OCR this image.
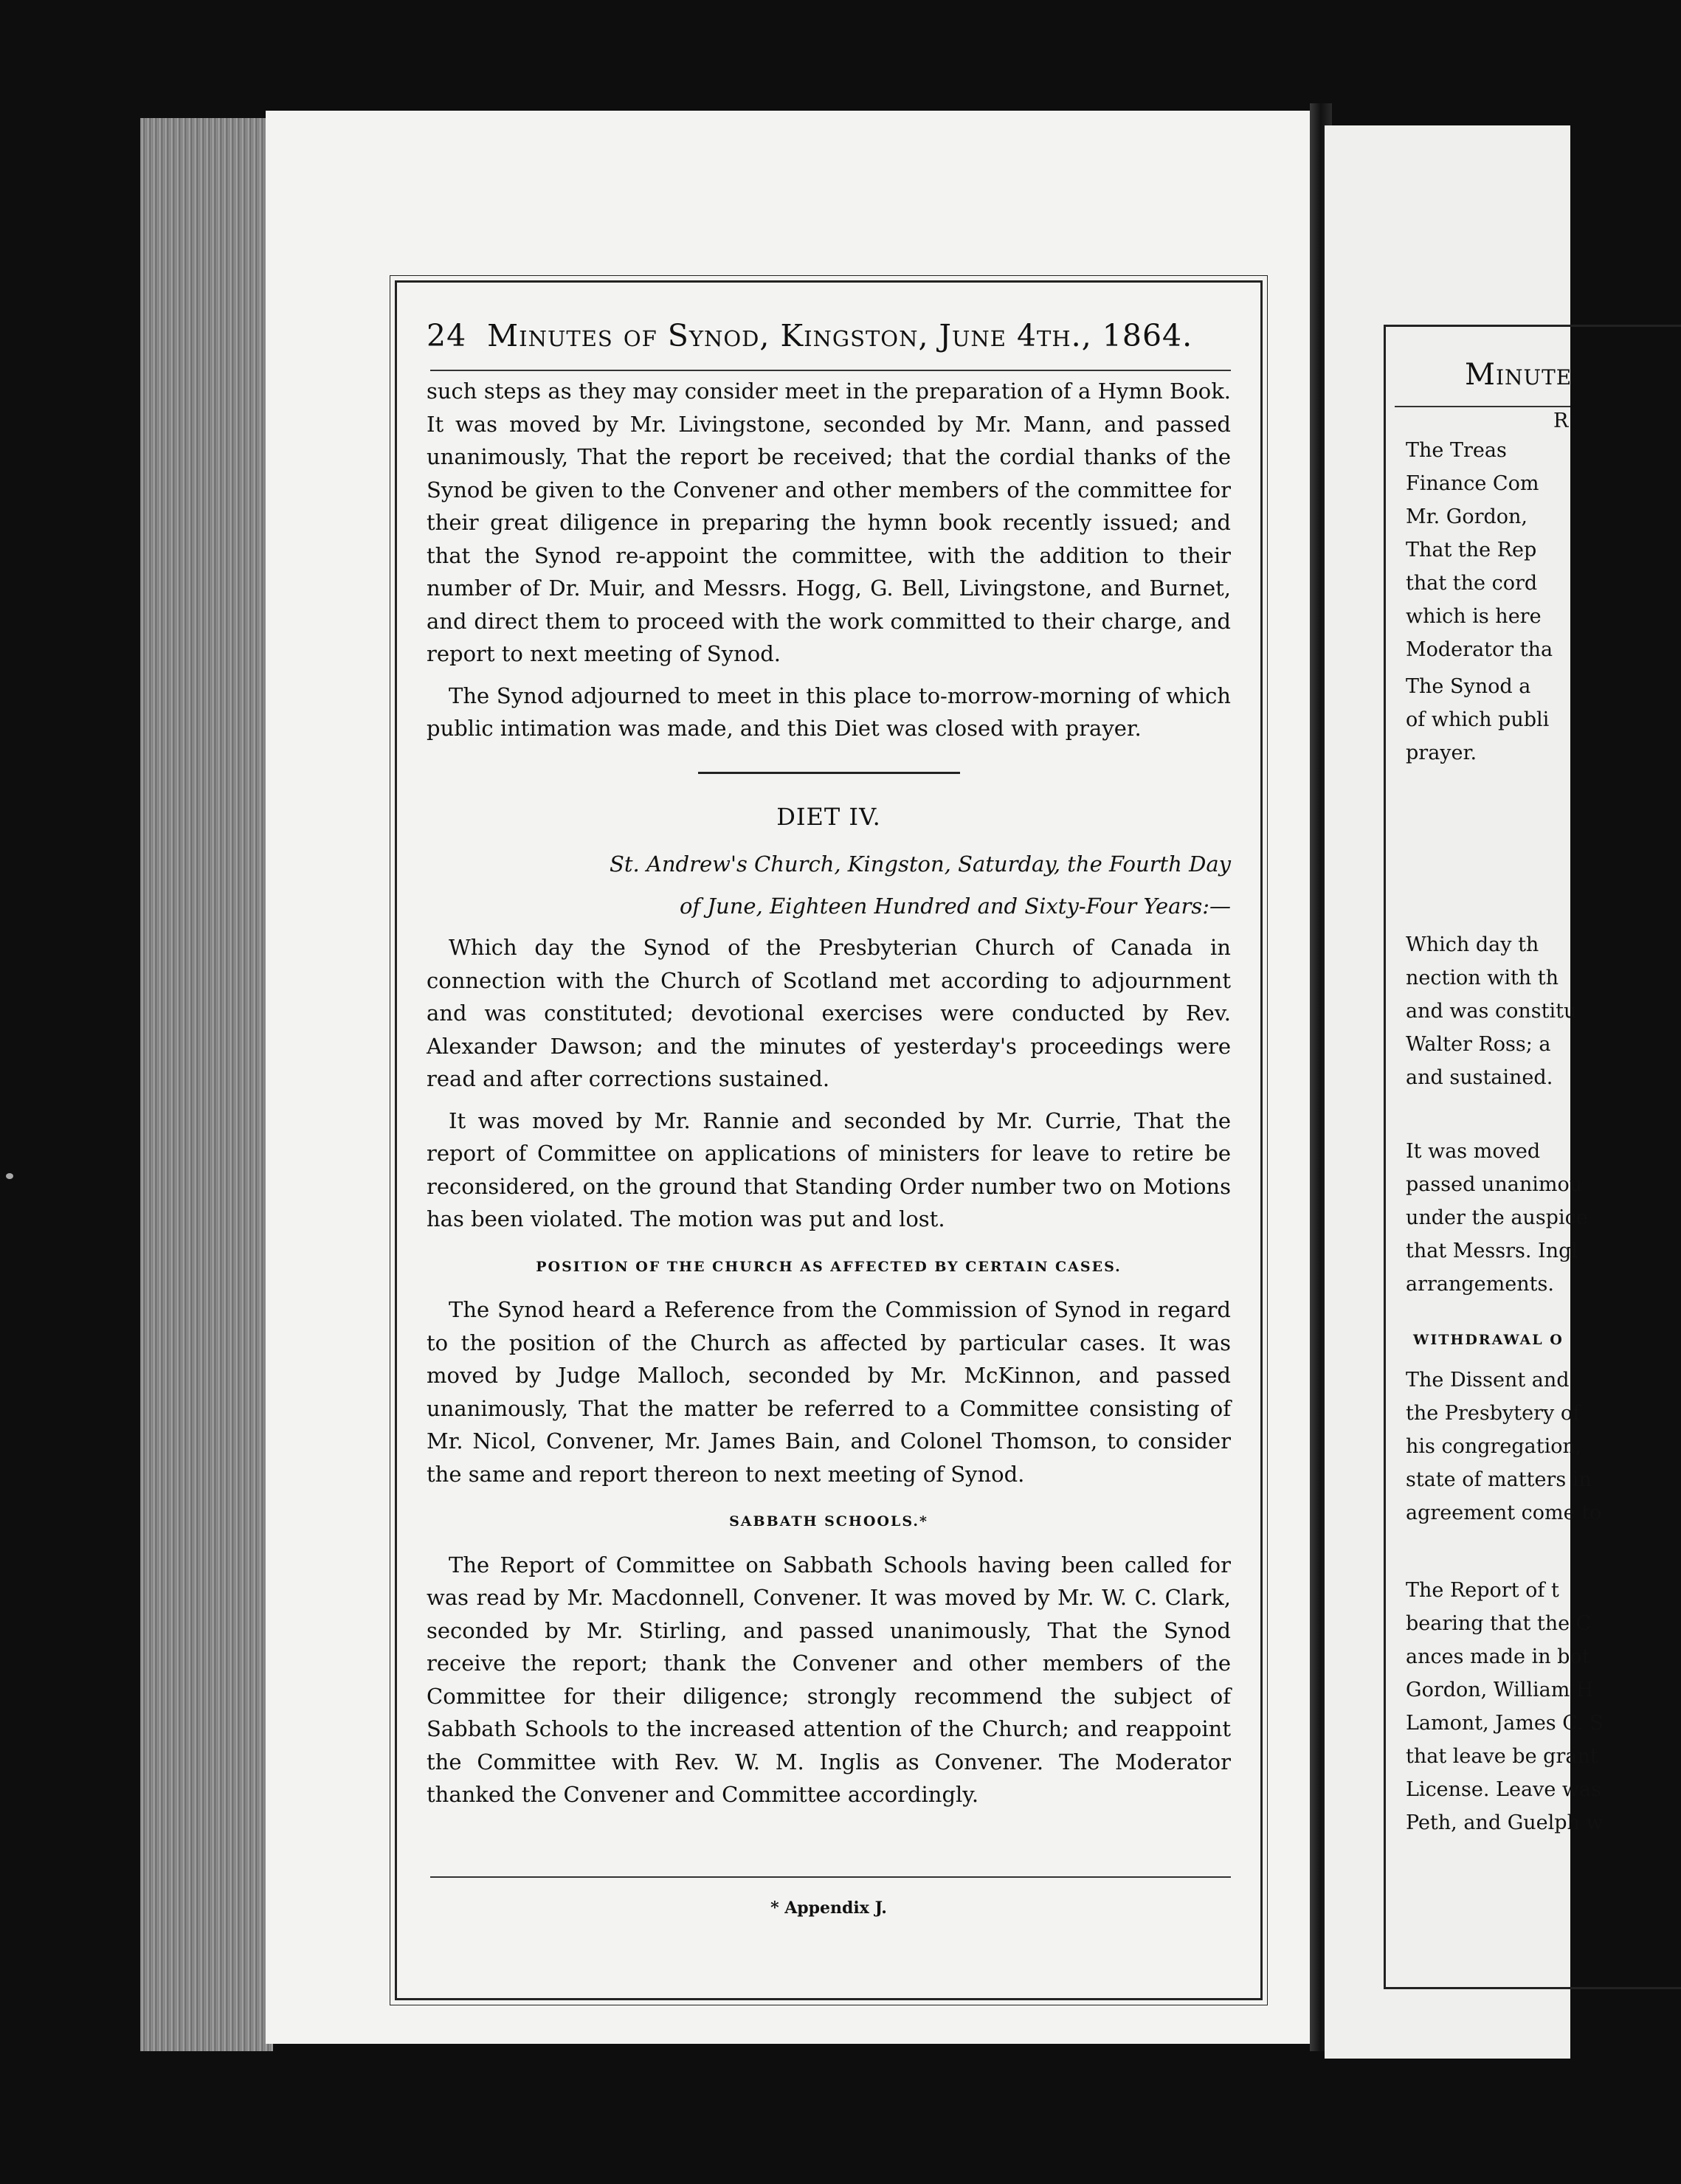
24 Minutes of Synod, Kingston, June 4th., 1864.

such steps as they may consider meet in the preparation of a Hymn Book. It was moved by Mr. Livingstone, seconded by Mr. Mann, and passed unanimously, That the report be received; that the cordial thanks of the Synod be given to the Convener and other members of the committee for their great diligence in preparing the hymn book recently issued; and that the Synod re-appoint the committee, with the addition to their number of Dr. Muir, and Messrs. Hogg, G. Bell, Livingstone, and Burnet, and direct them to proceed with the work committed to their charge, and report to next meeting of Synod.

The Synod adjourned to meet in this place to-morrow-morning of which public intimation was made, and this Diet was closed with prayer.

DIET IV.
St. Andrew's Church, Kingston, Saturday, the Fourth Day
of June, Eighteen Hundred and Sixty-Four Years:—

Which day the Synod of the Presbyterian Church of Canada in connection with the Church of Scotland met according to adjournment and was constituted; devotional exercises were conducted by Rev. Alexander Dawson; and the minutes of yesterday's proceedings were read and after corrections sustained.

It was moved by Mr. Rannie and seconded by Mr. Currie, That the report of Committee on applications of ministers for leave to retire be reconsidered, on the ground that Standing Order number two on Motions has been violated. The motion was put and lost.

POSITION OF THE CHURCH AS AFFECTED BY CERTAIN CASES.

The Synod heard a Reference from the Commission of Synod in regard to the position of the Church as affected by particular cases. It was moved by Judge Malloch, seconded by Mr. McKinnon, and passed unanimously, That the matter be referred to a Committee consisting of Mr. Nicol, Convener, Mr. James Bain, and Colonel Thomson, to consider the same and report thereon to next meeting of Synod.

SABBATH SCHOOLS.*

The Report of Committee on Sabbath Schools having been called for was read by Mr. Macdonnell, Convener. It was moved by Mr. W. C. Clark, seconded by Mr. Stirling, and passed unanimously, That the Synod receive the report; thank the Convener and other members of the Committee for their diligence; strongly recommend the subject of Sabbath Schools to the increased attention of the Church; and reappoint the Committee with Rev. W. M. Inglis as Convener. The Moderator thanked the Convener and Committee accordingly.

* Appendix J.
Minute
R
The Treas
Finance Com
Mr. Gordon,
That the Rep
that the cord
which is here
Moderator tha
The Synod a
of which publi
prayer.
Which day th
nection with th
and was constitu
Walter Ross; a
and sustained.
It was moved
passed unanimou
under the auspice
that Messrs. Ingl
arrangements.
WITHDRAWAL O
The Dissent and
the Presbytery of
his congregation,
state of matters in
agreement come to
The Report of t
bearing that the C
ances made in bot
Gordon, William H
Lamont, James C. S
that leave be grant
License. Leave was
Peth, and Guelph w
